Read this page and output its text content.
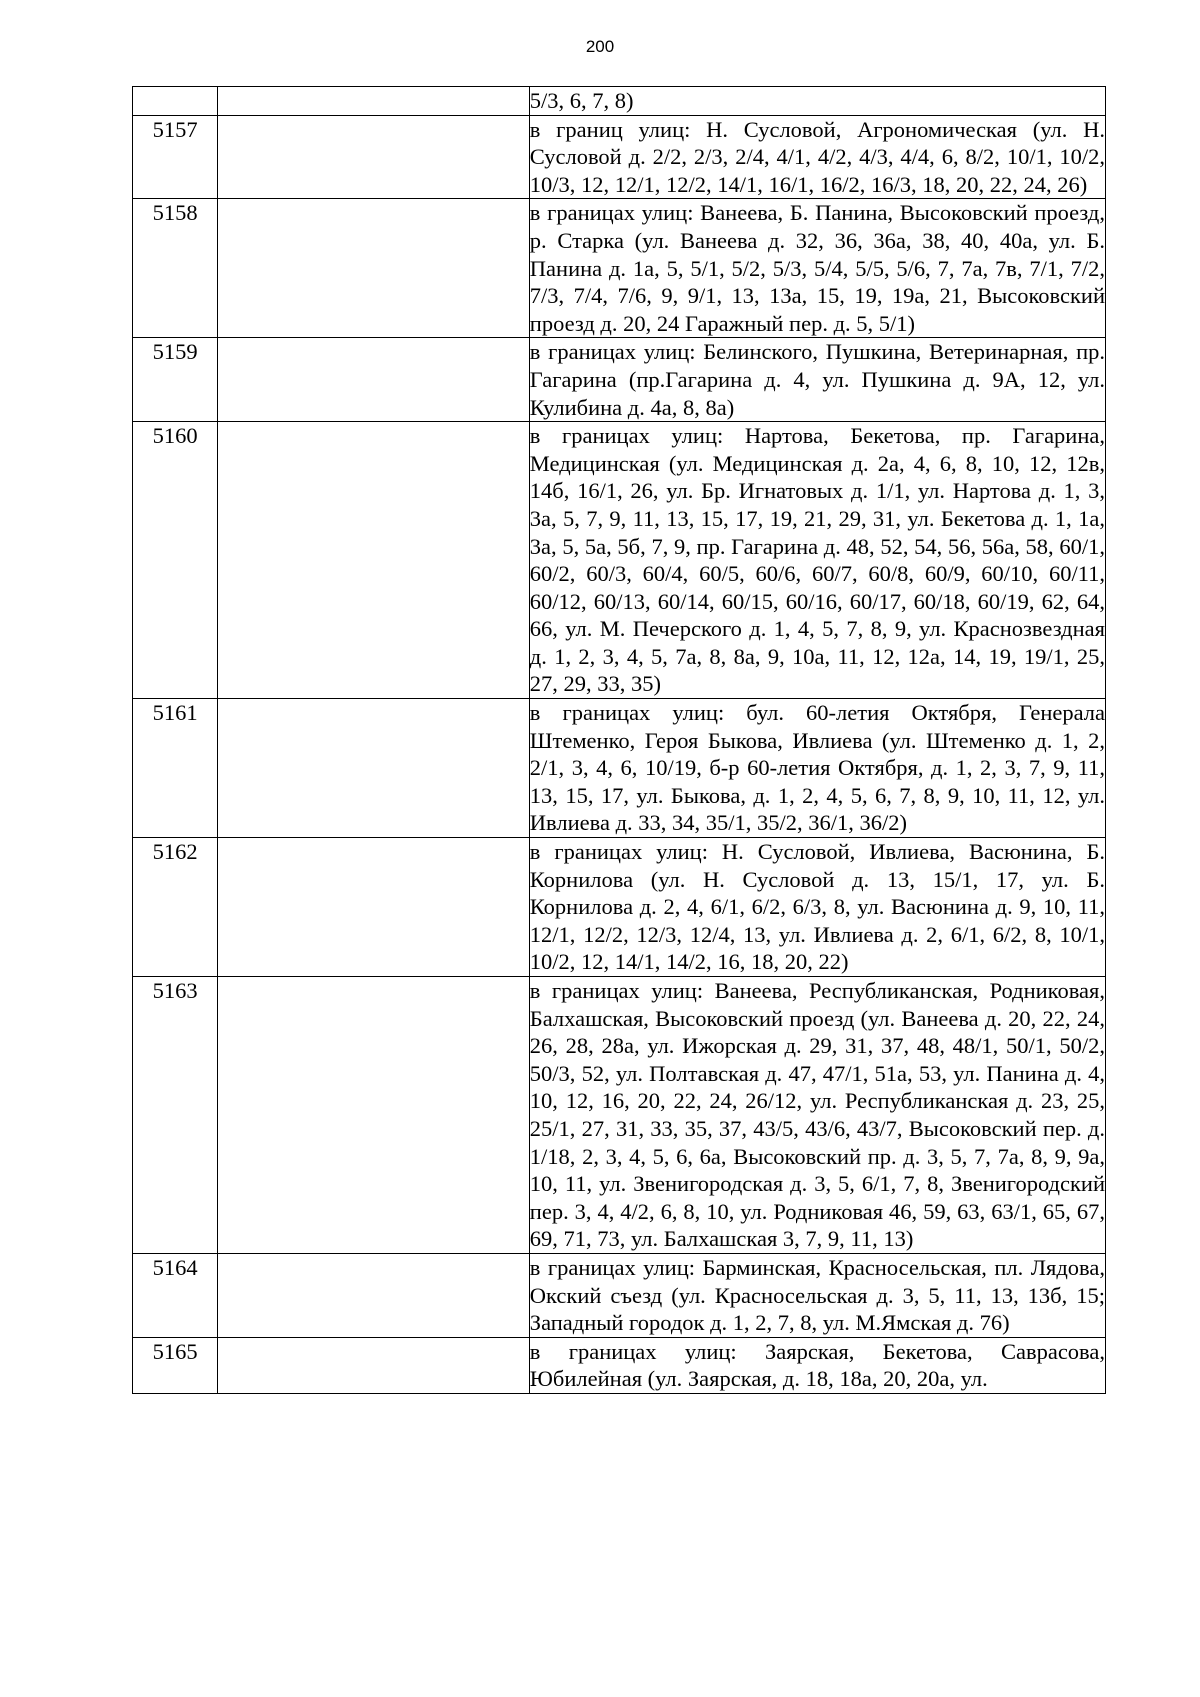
200

		5/3, 6, 7, 8)

5157		в границ улиц: Н. Сусловой, Агрономическая (ул. Н. Сусловой д. 2/2, 2/3, 2/4, 4/1, 4/2, 4/3, 4/4, 6, 8/2, 10/1, 10/2, 10/3, 12, 12/1, 12/2, 14/1, 16/1, 16/2, 16/3, 18, 20, 22, 24, 26)

5158		в границах улиц: Ванеева, Б. Панина, Высоковский проезд, р. Старка (ул. Ванеева д. 32, 36, 36а, 38, 40, 40а, ул. Б. Панина д. 1а, 5, 5/1, 5/2, 5/3, 5/4, 5/5, 5/6, 7, 7а, 7в, 7/1, 7/2, 7/3, 7/4, 7/6, 9, 9/1, 13, 13а, 15, 19, 19а, 21, Высоковский проезд д. 20, 24 Гаражный пер. д. 5, 5/1)

5159		в границах улиц: Белинского, Пушкина, Ветеринарная, пр. Гагарина (пр.Гагарина д. 4, ул. Пушкина д. 9А, 12, ул. Кулибина д. 4а, 8, 8а)

5160		в границах улиц: Нартова, Бекетова, пр. Гагарина, Медицинская (ул. Медицинская д. 2а, 4, 6, 8, 10, 12, 12в, 14б, 16/1, 26, ул. Бр. Игнатовых д. 1/1, ул. Нартова д. 1, 3, 3а, 5, 7, 9, 11, 13, 15, 17, 19, 21, 29, 31, ул. Бекетова д. 1, 1а, 3а, 5, 5а, 5б, 7, 9, пр. Гагарина д. 48, 52, 54, 56, 56а, 58, 60/1, 60/2, 60/3, 60/4, 60/5, 60/6, 60/7, 60/8, 60/9, 60/10, 60/11, 60/12, 60/13, 60/14, 60/15, 60/16, 60/17, 60/18, 60/19, 62, 64, 66, ул. М. Печерского д. 1, 4, 5, 7, 8, 9, ул. Краснозвездная д. 1, 2, 3, 4, 5, 7а, 8, 8а, 9, 10а, 11, 12, 12а, 14, 19, 19/1, 25, 27, 29, 33, 35)

5161		в границах улиц: бул. 60-летия Октября, Генерала Штеменко, Героя Быкова, Ивлиева (ул. Штеменко д. 1, 2, 2/1, 3, 4, 6, 10/19, б-р 60-летия Октября, д. 1, 2, 3, 7, 9, 11, 13, 15, 17, ул. Быкова, д. 1, 2, 4, 5, 6, 7, 8, 9, 10, 11, 12, ул. Ивлиева д. 33, 34, 35/1, 35/2, 36/1, 36/2)

5162		в границах улиц: Н. Сусловой, Ивлиева, Васюнина, Б. Корнилова (ул. Н. Сусловой д. 13, 15/1, 17, ул. Б. Корнилова д. 2, 4, 6/1, 6/2, 6/3, 8, ул. Васюнина д. 9, 10, 11, 12/1, 12/2, 12/3, 12/4, 13, ул. Ивлиева д. 2, 6/1, 6/2, 8, 10/1, 10/2, 12, 14/1, 14/2, 16, 18, 20, 22)

5163		в границах улиц: Ванеева, Республиканская, Родниковая, Балхашская, Высоковский проезд (ул. Ванеева д. 20, 22, 24, 26, 28, 28а, ул. Ижорская д. 29, 31, 37, 48, 48/1, 50/1, 50/2, 50/3, 52, ул. Полтавская д. 47, 47/1, 51а, 53, ул. Панина д. 4, 10, 12, 16, 20, 22, 24, 26/12, ул. Республиканская д. 23, 25, 25/1, 27, 31, 33, 35, 37, 43/5, 43/6, 43/7, Высоковский пер. д. 1/18, 2, 3, 4, 5, 6, 6а, Высоковский пр. д. 3, 5, 7, 7а, 8, 9, 9а, 10, 11, ул. Звенигородская д. 3, 5, 6/1, 7, 8, Звенигородский пер. 3, 4, 4/2, 6, 8, 10, ул. Родниковая 46, 59, 63, 63/1, 65, 67, 69, 71, 73, ул. Балхашская 3, 7, 9, 11, 13)

5164		в границах улиц: Барминская, Красносельская, пл. Лядова, Окский съезд (ул. Красносельская д. 3, 5, 11, 13, 13б, 15; Западный городок д. 1, 2, 7, 8, ул. М.Ямская д. 76)

5165		в границах улиц: Заярская, Бекетова, Саврасова, Юбилейная (ул. Заярская, д. 18, 18а, 20, 20а, ул.
